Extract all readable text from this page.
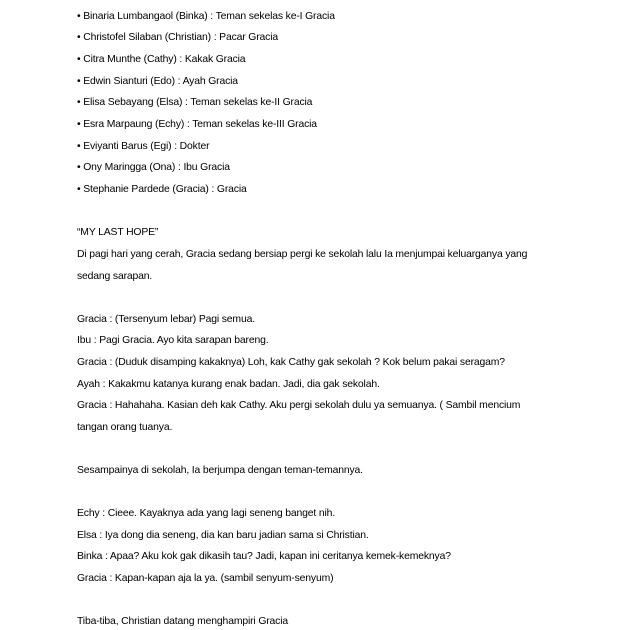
• Binaria Lumbangaol (Binka) : Teman sekelas ke-I Gracia
• Christofel Silaban (Christian) : Pacar Gracia
• Citra Munthe (Cathy) : Kakak Gracia
• Edwin Sianturi (Edo) : Ayah Gracia
• Elisa Sebayang (Elsa) : Teman sekelas ke-II Gracia
• Esra Marpaung (Echy) : Teman sekelas ke-III Gracia
• Eviyanti Barus (Egi) : Dokter
• Ony Maringga (Ona) : Ibu Gracia
• Stephanie Pardede (Gracia) : Gracia
“MY LAST HOPE”
Di pagi hari yang cerah, Gracia sedang bersiap pergi ke sekolah lalu Ia menjumpai keluarganya yang
sedang sarapan.
Gracia : (Tersenyum lebar) Pagi semua.
Ibu : Pagi Gracia. Ayo kita sarapan bareng.
Gracia : (Duduk disamping kakaknya) Loh, kak Cathy gak sekolah ? Kok belum pakai seragam?
Ayah : Kakakmu katanya kurang enak badan. Jadi, dia gak sekolah.
Gracia : Hahahaha. Kasian deh kak Cathy. Aku pergi sekolah dulu ya semuanya. ( Sambil mencium
tangan orang tuanya.
Sesampainya di sekolah, Ia berjumpa dengan teman-temannya.
Echy : Cieee. Kayaknya ada yang lagi seneng banget nih.
Elsa : Iya dong dia seneng, dia kan baru jadian sama si Christian.
Binka : Apaa? Aku kok gak dikasih tau? Jadi, kapan ini ceritanya kemek-kemeknya?
Gracia : Kapan-kapan aja la ya. (sambil senyum-senyum)
Tiba-tiba, Christian datang menghampiri Gracia
